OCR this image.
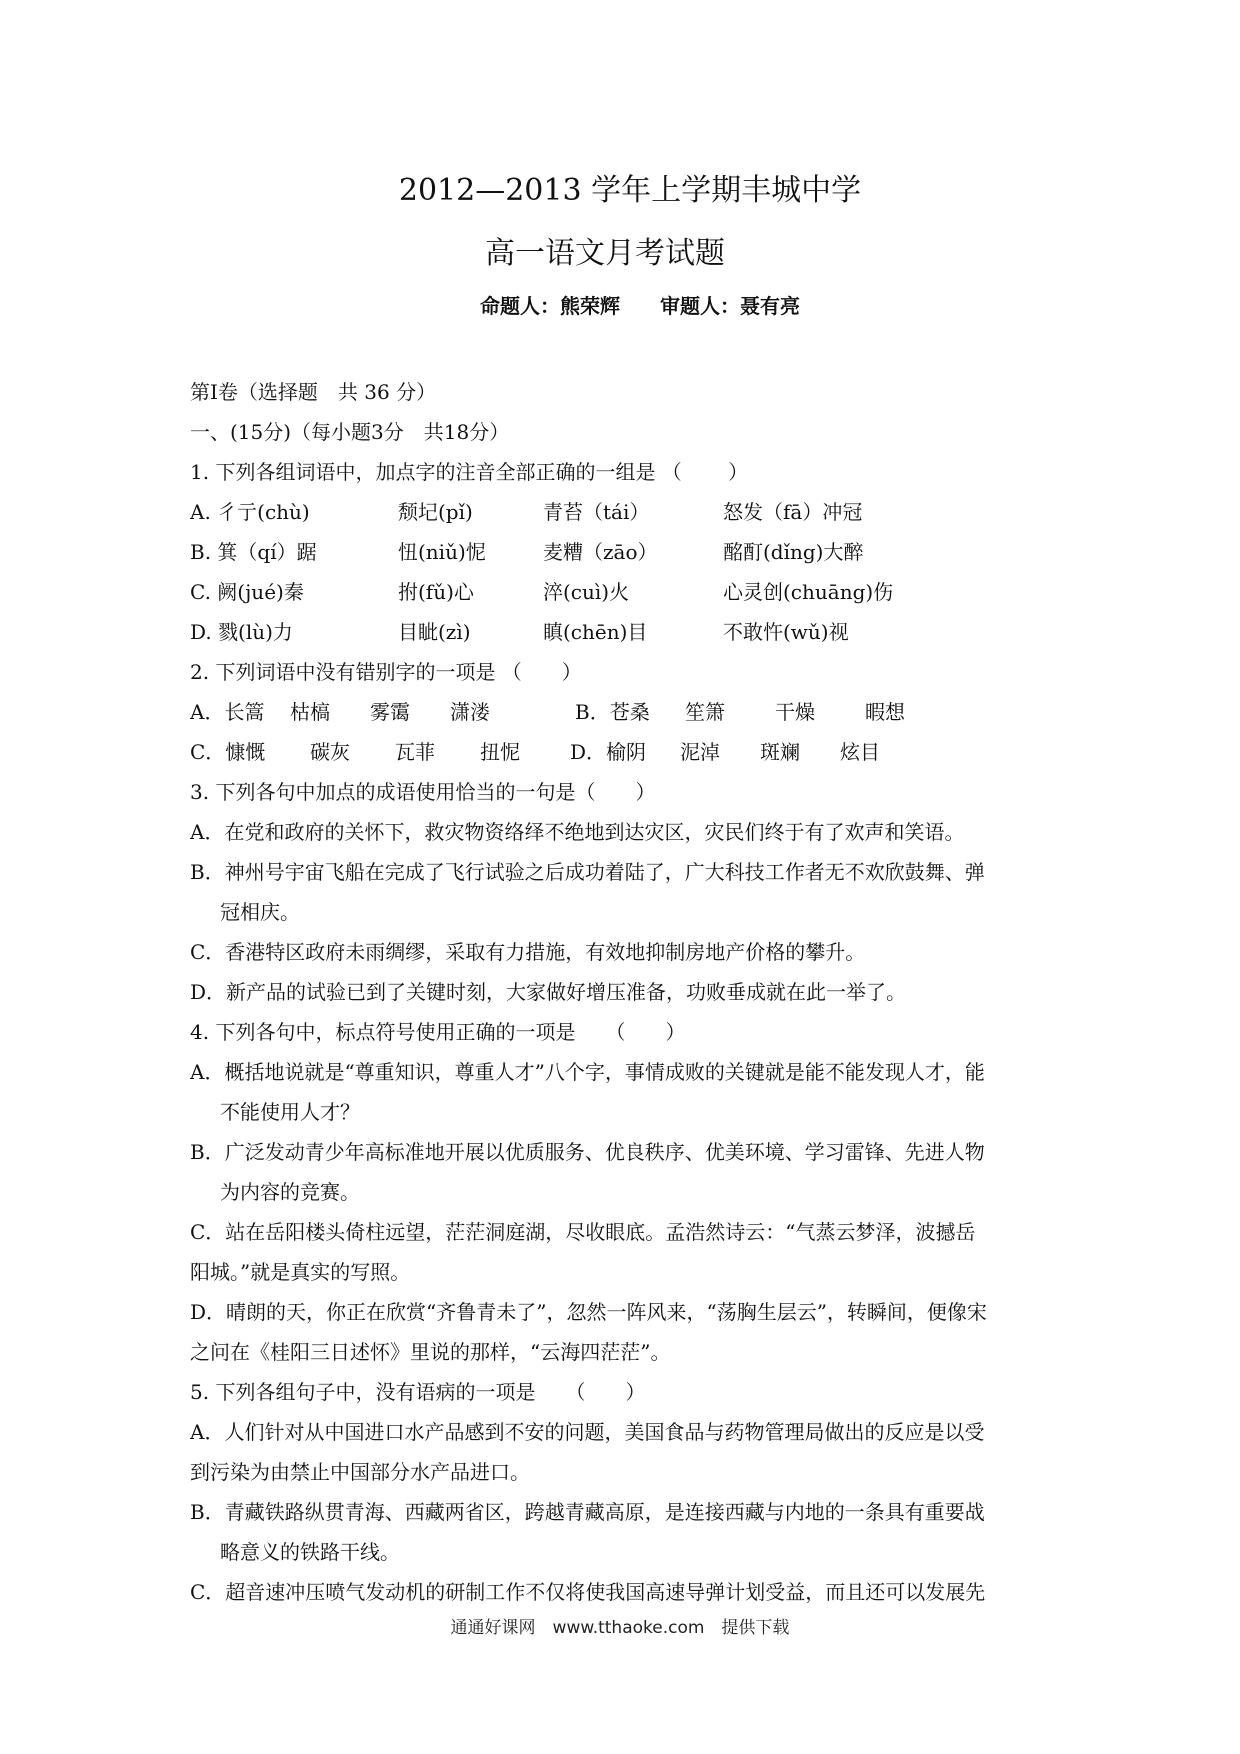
2012—2013 学年上学期丰城中学
高一语文月考试题
命题人：熊荣辉 审题人：聂有亮
第Ⅰ卷（选择题　共 36 分）
一、(15分)（每小题3分　共18分）
1. 下列各组词语中，加点字的注音全部正确的一组是 （　　 ）
A. 彳亍(chù)	颓圮(pǐ)	青苔（tái）	怒发（fā）冲冠
B. 箕（qí）踞	忸(niǔ)怩	麦糟（zāo）	酩酊(dǐng)大醉
C. 阙(jué)秦	拊(fǔ)心	淬(cuì)火	心灵创(chuāng)伤
D. 戮(lù)力	目眦(zì)	瞋(chēn)目	不敢忤(wǔ)视
2. 下列词语中没有错别字的一项是 （　　）
A．长篙	枯槁	雾霭	潇溇	B．苍桑	笙箫	干燥	暇想
C．慷慨	碳灰	瓦菲	扭怩	D．榆阴	泥淖	斑斓	炫目
3. 下列各句中加点的成语使用恰当的一句是（　　）
A．在党和政府的关怀下，救灾物资络绎不绝地到达灾区，灾民们终于有了欢声和笑语。
B．神州号宇宙飞船在完成了飞行试验之后成功着陆了，广大科技工作者无不欢欣鼓舞、弹
冠相庆。
C．香港特区政府未雨绸缪，采取有力措施，有效地抑制房地产价格的攀升。
D．新产品的试验已到了关键时刻，大家做好增压准备，功败垂成就在此一举了。
4. 下列各句中，标点符号使用正确的一项是　　（　　）
A．概括地说就是“尊重知识，尊重人才”八个字，事情成败的关键就是能不能发现人才，能
不能使用人才？
B．广泛发动青少年高标准地开展以优质服务、优良秩序、优美环境、学习雷锋、先进人物
为内容的竞赛。
C．站在岳阳楼头倚柱远望，茫茫洞庭湖，尽收眼底。孟浩然诗云：“气蒸云梦泽，波撼岳
阳城。”就是真实的写照。
D．晴朗的天，你正在欣赏“齐鲁青未了”，忽然一阵风来，“荡胸生层云”，转瞬间，便像宋
之问在《桂阳三日述怀》里说的那样，“云海四茫茫”。
5. 下列各组句子中，没有语病的一项是　　（　　）
A．人们针对从中国进口水产品感到不安的问题，美国食品与药物管理局做出的反应是以受
到污染为由禁止中国部分水产品进口。
B．青藏铁路纵贯青海、西藏两省区，跨越青藏高原，是连接西藏与内地的一条具有重要战
略意义的铁路干线。
C．超音速冲压喷气发动机的研制工作不仅将使我国高速导弹计划受益，而且还可以发展先
通通好课网　www.tthaoke.com　提供下载
